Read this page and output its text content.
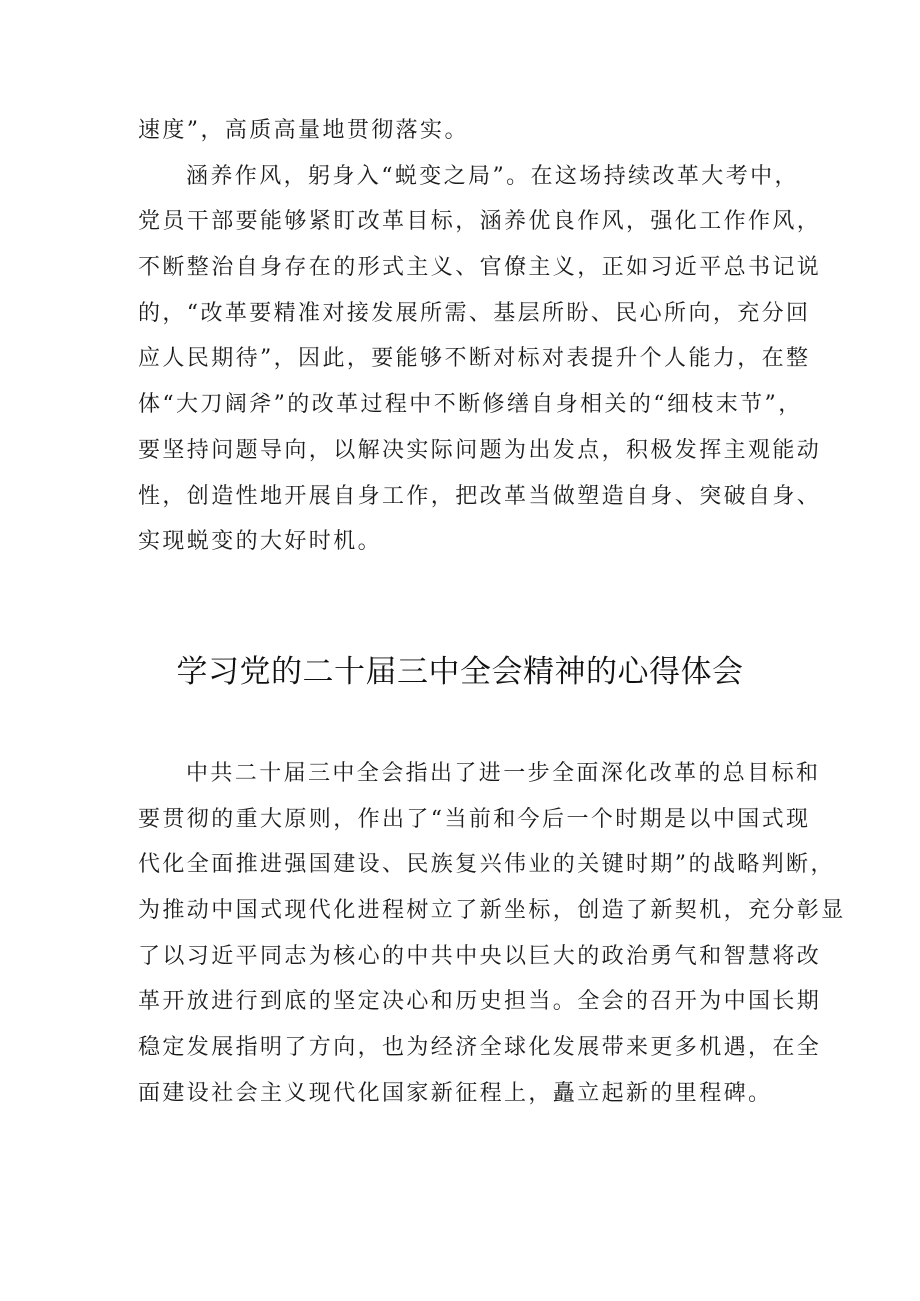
速度”，高质高量地贯彻落实。
涵养作风，躬身入“蜕变之局”。在这场持续改革大考中，
党员干部要能够紧盯改革目标，涵养优良作风，强化工作作风，
不断整治自身存在的形式主义、官僚主义，正如习近平总书记说
的，“改革要精准对接发展所需、基层所盼、民心所向，充分回
应人民期待”，因此，要能够不断对标对表提升个人能力，在整
体“大刀阔斧”的改革过程中不断修缮自身相关的“细枝末节”，
要坚持问题导向，以解决实际问题为出发点，积极发挥主观能动
性，创造性地开展自身工作，把改革当做塑造自身、突破自身、
实现蜕变的大好时机。
学习党的二十届三中全会精神的心得体会
中共二十届三中全会指出了进一步全面深化改革的总目标和
要贯彻的重大原则，作出了“当前和今后一个时期是以中国式现
代化全面推进强国建设、民族复兴伟业的关键时期”的战略判断，
为推动中国式现代化进程树立了新坐标，创造了新契机，充分彰显
了以习近平同志为核心的中共中央以巨大的政治勇气和智慧将改
革开放进行到底的坚定决心和历史担当。全会的召开为中国长期
稳定发展指明了方向，也为经济全球化发展带来更多机遇，在全
面建设社会主义现代化国家新征程上，矗立起新的里程碑。
